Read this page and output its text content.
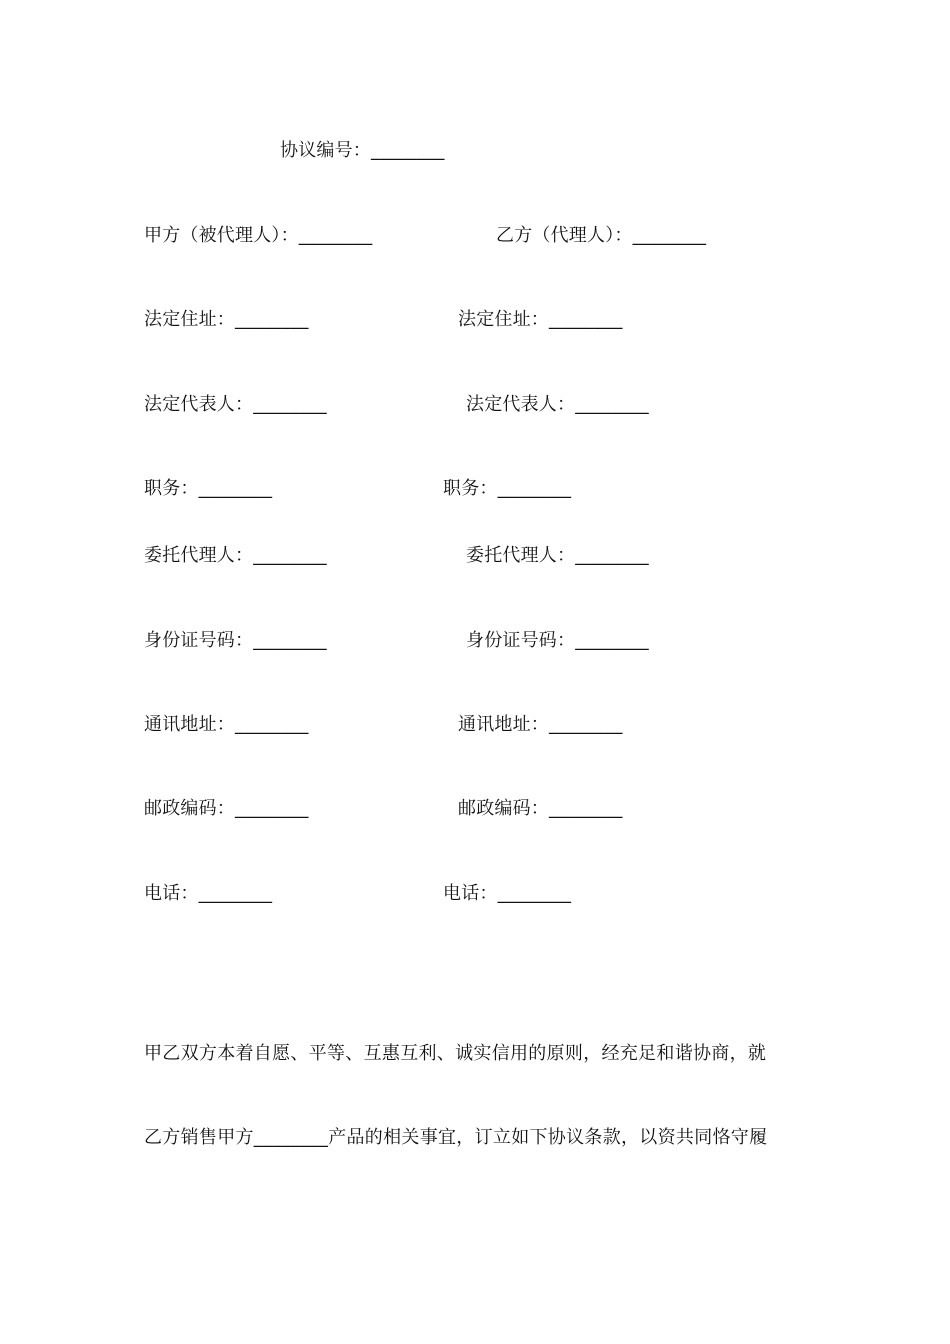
协议编号：________
甲方（被代理人）：________
法定住址：________
法定代表人：________
职务：________
委托代理人：________
身份证号码：________
通讯地址：________
邮政编码：________
电话：________
乙方（代理人）：________
法定住址：________
法定代表人：________
职务：________
委托代理人：________
身份证号码：________
通讯地址：________
邮政编码：________
电话：________
甲乙双方本着自愿、平等、互惠互利、诚实信用的原则，经充足和谐协商，就
乙方销售甲方________产品的相关事宜，订立如下协议条款，以资共同恪守履
